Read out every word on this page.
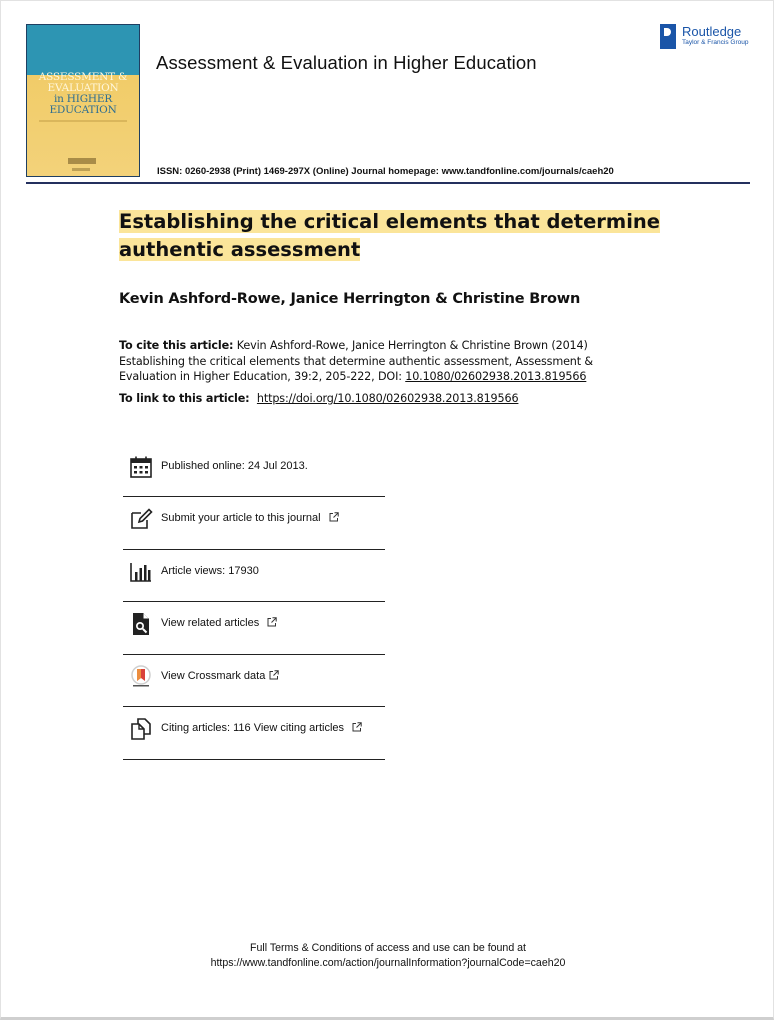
ASSESSMENT &
EVALUATION
in HIGHER
EDUCATION
Assessment & Evaluation in Higher Education
ISSN: 0260-2938 (Print) 1469-297X (Online) Journal homepage: www.tandfonline.com/journals/caeh20
Routledge
Taylor & Francis Group
Establishing the critical elements that determine
authentic assessment
Kevin Ashford-Rowe, Janice Herrington & Christine Brown
To cite this article: Kevin Ashford-Rowe, Janice Herrington & Christine Brown (2014) Establishing the critical elements that determine authentic assessment, Assessment & Evaluation in Higher Education, 39:2, 205-222, DOI: 10.1080/02602938.2013.819566
To link to this article: https://doi.org/10.1080/02602938.2013.819566
Published online: 24 Jul 2013.
Submit your article to this journal
Article views: 17930
View related articles
View Crossmark data
Citing articles: 116 View citing articles
Full Terms & Conditions of access and use can be found at
https://www.tandfonline.com/action/journalInformation?journalCode=caeh20
